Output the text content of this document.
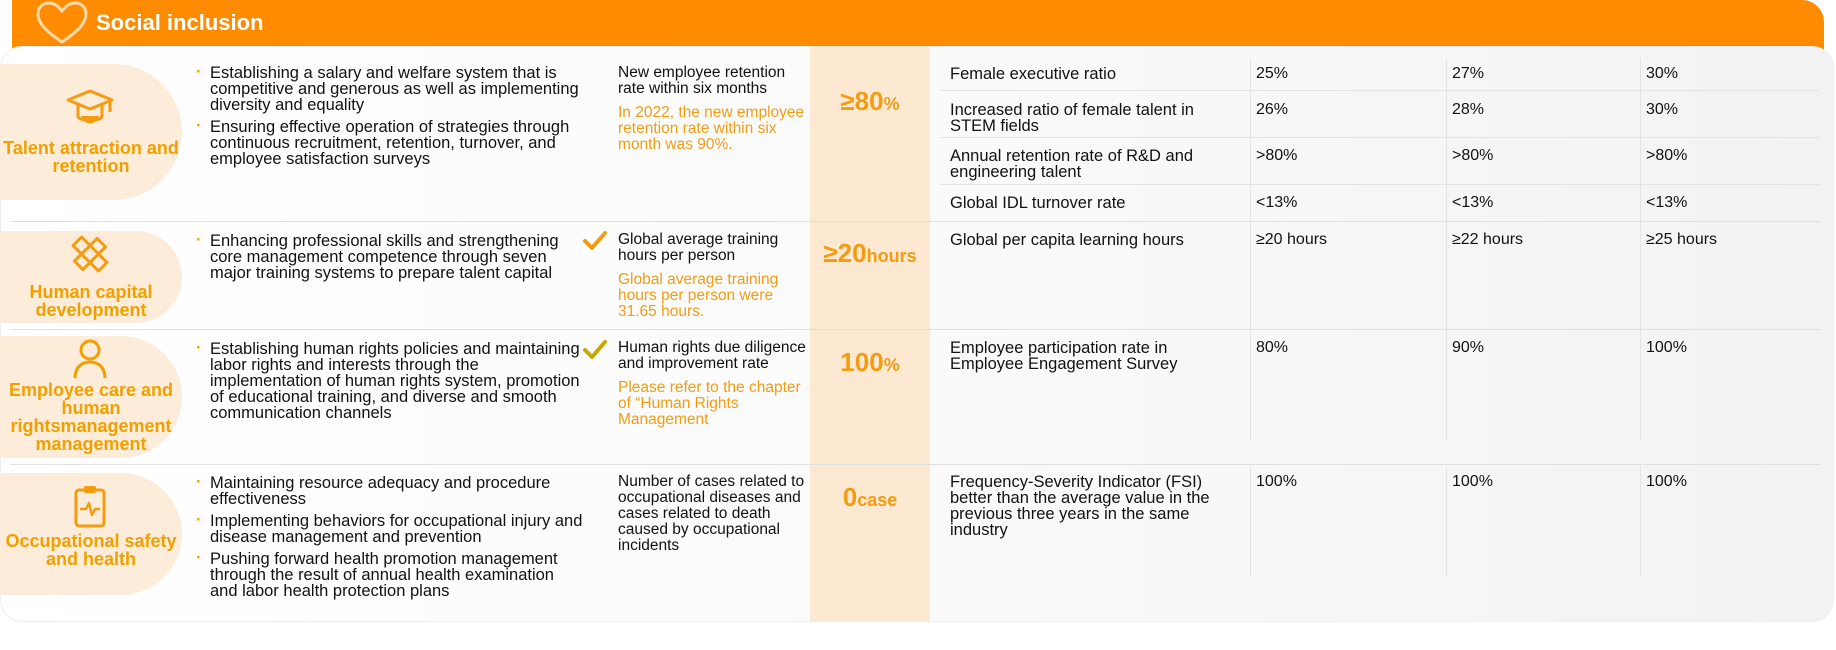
Social inclusion
Talent attraction and retention
· Establishing a salary and welfare system that is competitive and generous as well as implementing diversity and equality
· Ensuring effective operation of strategies through continuous recruitment, retention, turnover, and employee satisfaction surveys
New employee retention rate within six months
In 2022, the new employee retention rate within six month was 90%.
≥80%
Female executive ratio	25%	27%	30%
Increased ratio of female talent in STEM fields
26%	28%	30%
Annual retention rate of R&D and engineering talent
>80%	>80%	>80%
Global IDL turnover rate	<13%	<13%	<13%
Human capital development
· Enhancing professional skills and strengthening core management competence through seven major training systems to prepare talent capital
Global average training hours per person
Global average training hours per person were 31.65 hours.
≥20hours
Global per capita learning hours	≥20 hours	≥22 hours	≥25 hours
Employee care and human rightsmanagement management
· Establishing human rights policies and maintaining labor rights and interests through the implementation of human rights system, promotion of educational training, and diverse and smooth communication channels
Human rights due diligence and improvement rate
Please refer to the chapter of “Human Rights Management
100%
Employee participation rate in Employee Engagement Survey
80%	90%	100%
Occupational safety and health
· Maintaining resource adequacy and procedure effectiveness
· Implementing behaviors for occupational injury and disease management and prevention
· Pushing forward health promotion management through the result of annual health examination and labor health protection plans
Number of cases related to occupational diseases and cases related to death caused by occupational incidents
0case
Frequency-Severity Indicator (FSI) better than the average value in the previous three years in the same industry
100%	100%	100%
